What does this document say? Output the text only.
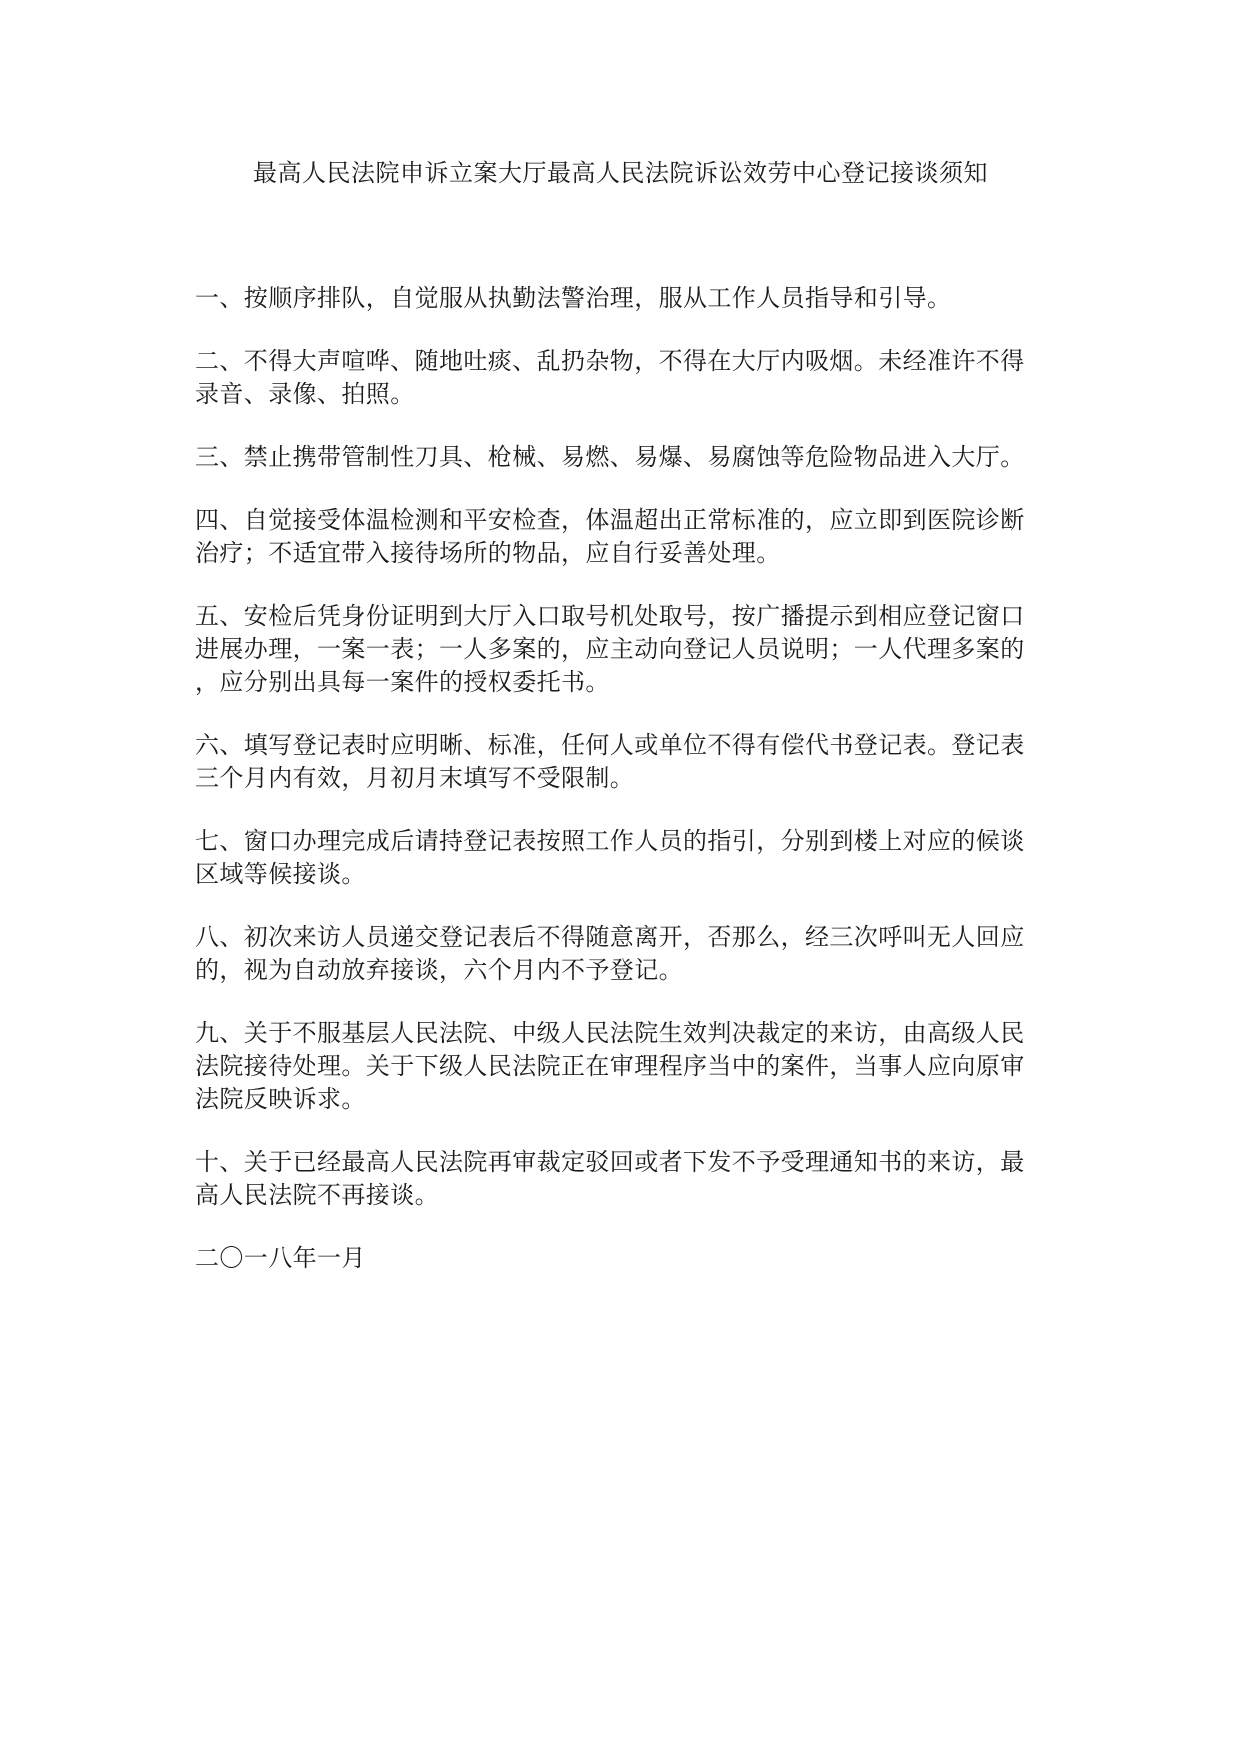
最高人民法院申诉立案大厅最高人民法院诉讼效劳中心登记接谈须知

一、按顺序排队，自觉服从执勤法警治理，服从工作人员指导和引导。

二、不得大声喧哗、随地吐痰、乱扔杂物，不得在大厅内吸烟。未经准许不得
录音、录像、拍照。

三、禁止携带管制性刀具、枪械、易燃、易爆、易腐蚀等危险物品进入大厅。

四、自觉接受体温检测和平安检查，体温超出正常标准的，应立即到医院诊断
治疗；不适宜带入接待场所的物品，应自行妥善处理。

五、安检后凭身份证明到大厅入口取号机处取号，按广播提示到相应登记窗口
进展办理，一案一表；一人多案的，应主动向登记人员说明；一人代理多案的
，应分别出具每一案件的授权委托书。

六、填写登记表时应明晰、标准，任何人或单位不得有偿代书登记表。登记表
三个月内有效，月初月末填写不受限制。

七、窗口办理完成后请持登记表按照工作人员的指引，分别到楼上对应的候谈
区域等候接谈。

八、初次来访人员递交登记表后不得随意离开，否那么，经三次呼叫无人回应
的，视为自动放弃接谈，六个月内不予登记。

九、关于不服基层人民法院、中级人民法院生效判决裁定的来访，由高级人民
法院接待处理。关于下级人民法院正在审理程序当中的案件，当事人应向原审
法院反映诉求。

十、关于已经最高人民法院再审裁定驳回或者下发不予受理通知书的来访，最
高人民法院不再接谈。

二〇一八年一月
